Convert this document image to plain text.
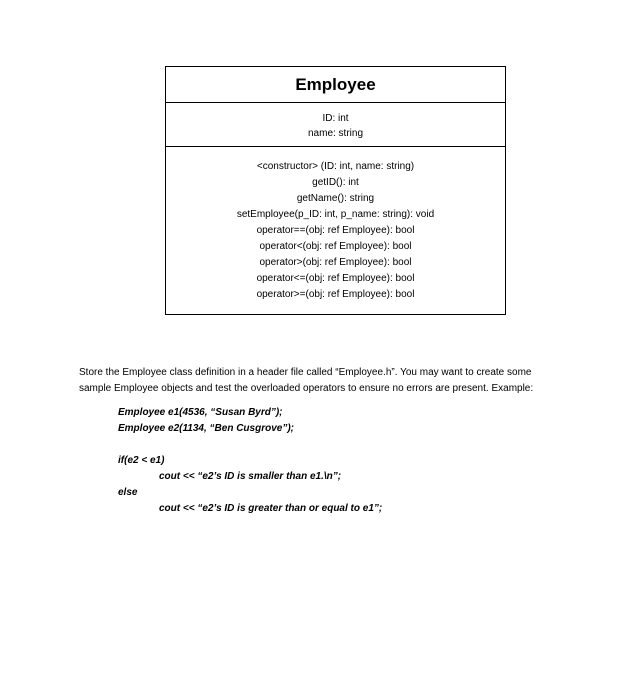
Employee
ID: int
name: string
<constructor> (ID: int, name: string)
getID(): int
getName(): string
setEmployee(p_ID: int, p_name: string): void
operator==(obj: ref Employee): bool
operator<(obj: ref Employee): bool
operator>(obj: ref Employee): bool
operator<=(obj: ref Employee): bool
operator>=(obj: ref Employee): bool
Store the Employee class definition in a header file called “Employee.h”. You may want to create some
sample Employee objects and test the overloaded operators to ensure no errors are present. Example:
Employee e1(4536, “Susan Byrd”);
Employee e2(1134, “Ben Cusgrove”);
if(e2 < e1)
cout << “e2’s ID is smaller than e1.\n”;
else
cout << “e2’s ID is greater than or equal to e1”;
